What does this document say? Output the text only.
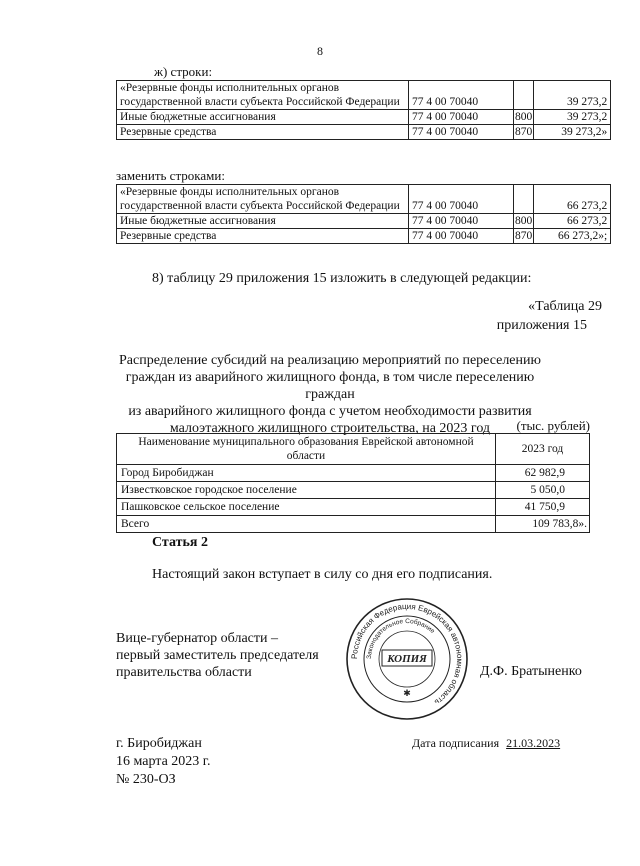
8
ж) строки:
«Резервные фонды исполнительных органов государственной власти субъекта Российской Федерации	77 4 00 70040		39 273,2
Иные бюджетные ассигнования	77 4 00 70040	800	39 273,2
Резервные средства	77 4 00 70040	870	39 273,2»
заменить строками:
«Резервные фонды исполнительных органов государственной власти субъекта Российской Федерации	77 4 00 70040		66 273,2
Иные бюджетные ассигнования	77 4 00 70040	800	66 273,2
Резервные средства	77 4 00 70040	870	66 273,2»;
8) таблицу 29 приложения 15 изложить в следующей редакции:
«Таблица 29
приложения 15
Распределение субсидий на реализацию мероприятий по переселению
граждан из аварийного жилищного фонда, в том числе переселению граждан
из аварийного жилищного фонда с учетом необходимости развития
малоэтажного жилищного строительства, на 2023 год	(тыс. рублей)
Наименование муниципального образования Еврейской автономной области	2023 год
Город Биробиджан	62 982,9
Известковское городское поселение	5 050,0
Пашковское сельское поселение	41 750,9
Всего	109 783,8».
Статья 2
Настоящий закон вступает в силу со дня его подписания.
Вице-губернатор области –
первый заместитель председателя
правительства области	Д.Ф. Братыненко
Российская Федерация Еврейская автономная область
Законодательное Собрание
КОПИЯ
✱
г. Биробиджан
16 марта 2023 г.
№ 230-ОЗ
Дата подписания 21.03.2023
